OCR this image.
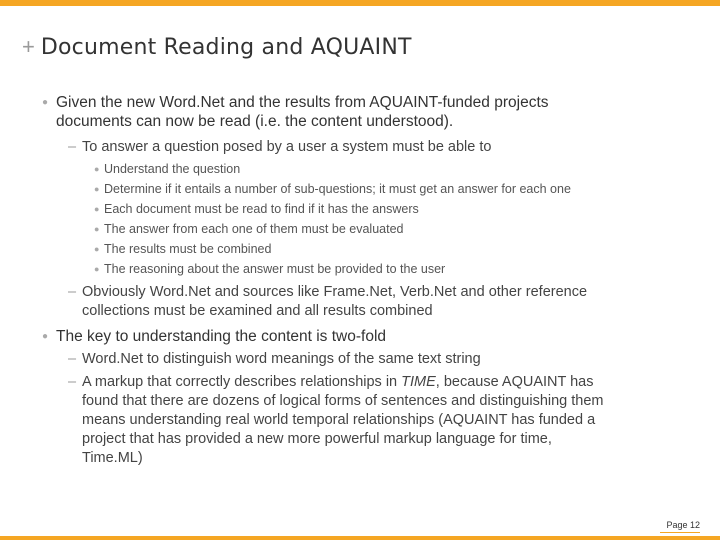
+ Document Reading and AQUAINT
● Given the new Word.Net and the results from AQUAINT-funded projects
documents can now be read (i.e. the content understood).
– To answer a question posed by a user a system must be able to
● Understand the question
● Determine if it entails a number of sub-questions; it must get an answer for each one
● Each document must be read to find if it has the answers
● The answer from each one of them must be evaluated
● The results must be combined
● The reasoning about the answer must be provided to the user
– Obviously Word.Net and sources like Frame.Net, Verb.Net and other reference
collections must be examined and all results combined
● The key to understanding the content is two-fold
– Word.Net to distinguish word meanings of the same text string
– A markup that correctly describes relationships in TIME, because AQUAINT has
found that there are dozens of logical forms of sentences and distinguishing them
means understanding real world temporal relationships (AQUAINT has funded a
project that has provided a new more powerful markup language for time,
Time.ML)
Page 12
